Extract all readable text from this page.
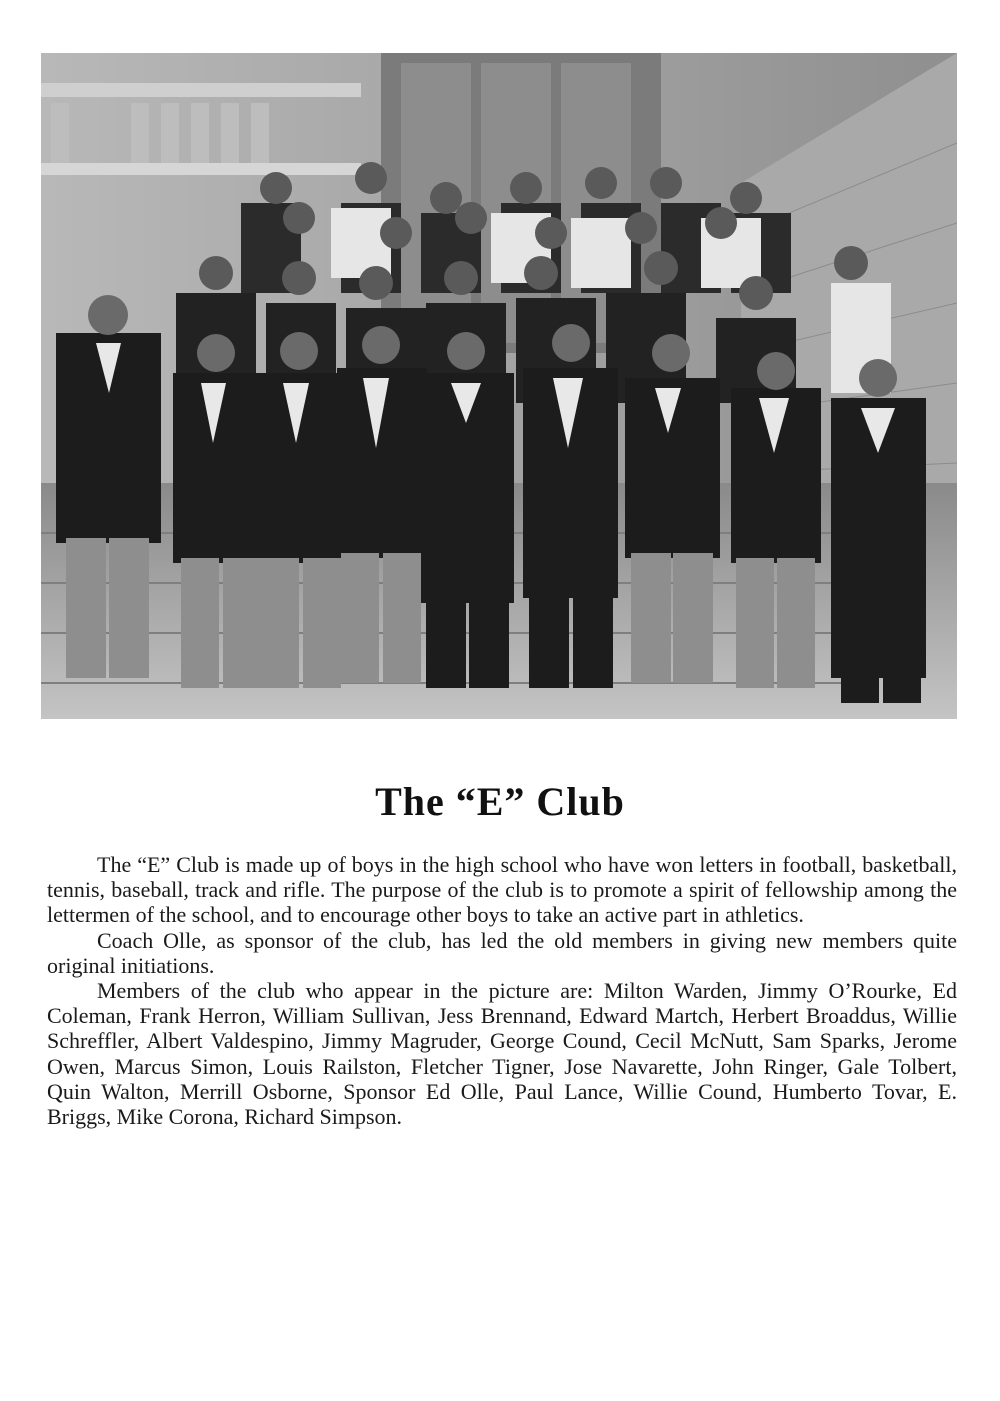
The “E” Club

The “E” Club is made up of boys in the high school who have won letters in football, basketball, tennis, baseball, track and rifle. The purpose of the club is to promote a spirit of fellowship among the lettermen of the school, and to encourage other boys to take an active part in athletics.

Coach Olle, as sponsor of the club, has led the old members in giving new members quite original initiations.

Members of the club who appear in the picture are: Milton Warden, Jimmy O’Rourke, Ed Coleman, Frank Herron, William Sullivan, Jess Brennand, Edward Martch, Herbert Broaddus, Willie Schreffler, Albert Valdespino, Jimmy Magruder, George Cound, Cecil McNutt, Sam Sparks, Jerome Owen, Marcus Simon, Louis Railston, Fletcher Tigner, Jose Navarette, John Ringer, Gale Tolbert, Quin Walton, Merrill Osborne, Sponsor Ed Olle, Paul Lance, Willie Cound, Humberto Tovar, E. Briggs, Mike Corona, Richard Simpson.
